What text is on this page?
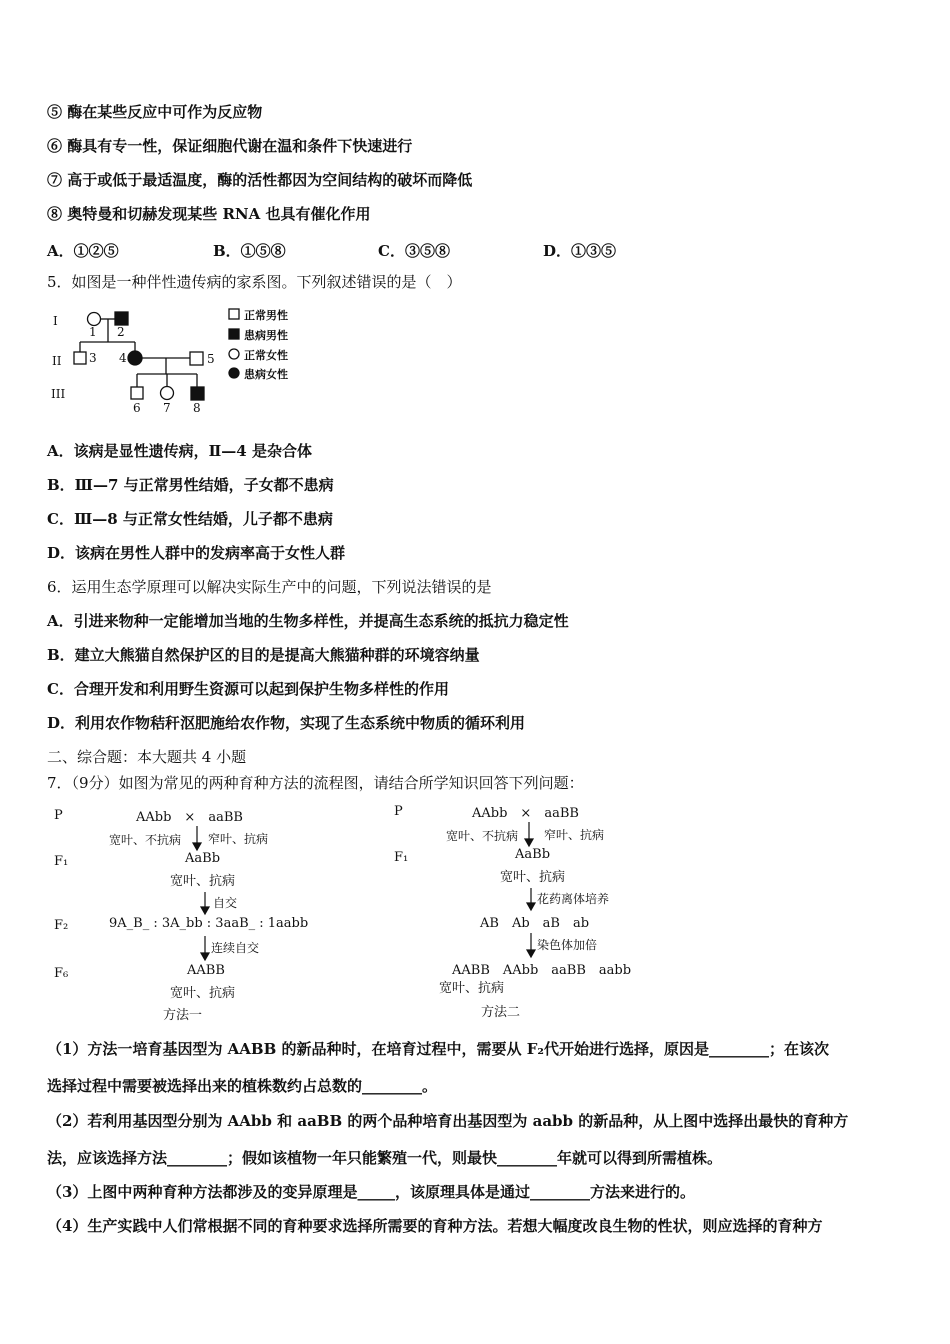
⑤ 酶在某些反应中可作为反应物
⑥ 酶具有专一性，保证细胞代谢在温和条件下快速进行
⑦ 高于或低于最适温度，酶的活性都因为空间结构的破坏而降低
⑧ 奥特曼和切赫发现某些 RNA 也具有催化作用
A．①②⑤	B．①⑤⑧	C．③⑤⑧	D．①③⑤
5．如图是一种伴性遗传病的家系图。下列叙述错误的是（　）
I
II
III
1 2
3 4	5
6 7 8
正常男性
患病男性
正常女性
患病女性
A．该病是显性遗传病，Ⅱ—4 是杂合体
B．Ⅲ—7 与正常男性结婚，子女都不患病
C．Ⅲ—8 与正常女性结婚，儿子都不患病
D．该病在男性人群中的发病率高于女性人群
6．运用生态学原理可以解决实际生产中的问题，下列说法错误的是
A．引进来物种一定能增加当地的生物多样性，并提高生态系统的抵抗力稳定性
B．建立大熊猫自然保护区的目的是提高大熊猫种群的环境容纳量
C．合理开发和利用野生资源可以起到保护生物多样性的作用
D．利用农作物秸秆沤肥施给农作物，实现了生态系统中物质的循环利用
二、综合题：本大题共 4 小题
7．（9分）如图为常见的两种育种方法的流程图，请结合所学知识回答下列问题：
P
F₁
F₂
F₆
AAbb　×　aaBB
宽叶、不抗病 窄叶、抗病
AaBb
宽叶、抗病
自交
9A_B_ : 3A_bb : 3aaB_ : 1aabb
连续自交
AABB
宽叶、抗病
方法一
P
F₁
AAbb　×　aaBB
宽叶、不抗病 窄叶、抗病
AaBb
宽叶、抗病
花药离体培养
AB　Ab　aB　ab
染色体加倍
AABB　AAbb　aaBB　aabb
宽叶、抗病
方法二
（1）方法一培育基因型为 AABB 的新品种时，在培育过程中，需要从 F₂代开始进行选择，原因是________；在该次
选择过程中需要被选择出来的植株数约占总数的________。
（2）若利用基因型分别为 AAbb 和 aaBB 的两个品种培育出基因型为 aabb 的新品种，从上图中选择出最快的育种方
法，应该选择方法________；假如该植物一年只能繁殖一代，则最快________年就可以得到所需植株。
（3）上图中两种育种方法都涉及的变异原理是_____，该原理具体是通过________方法来进行的。
（4）生产实践中人们常根据不同的育种要求选择所需要的育种方法。若想大幅度改良生物的性状，则应选择的育种方
